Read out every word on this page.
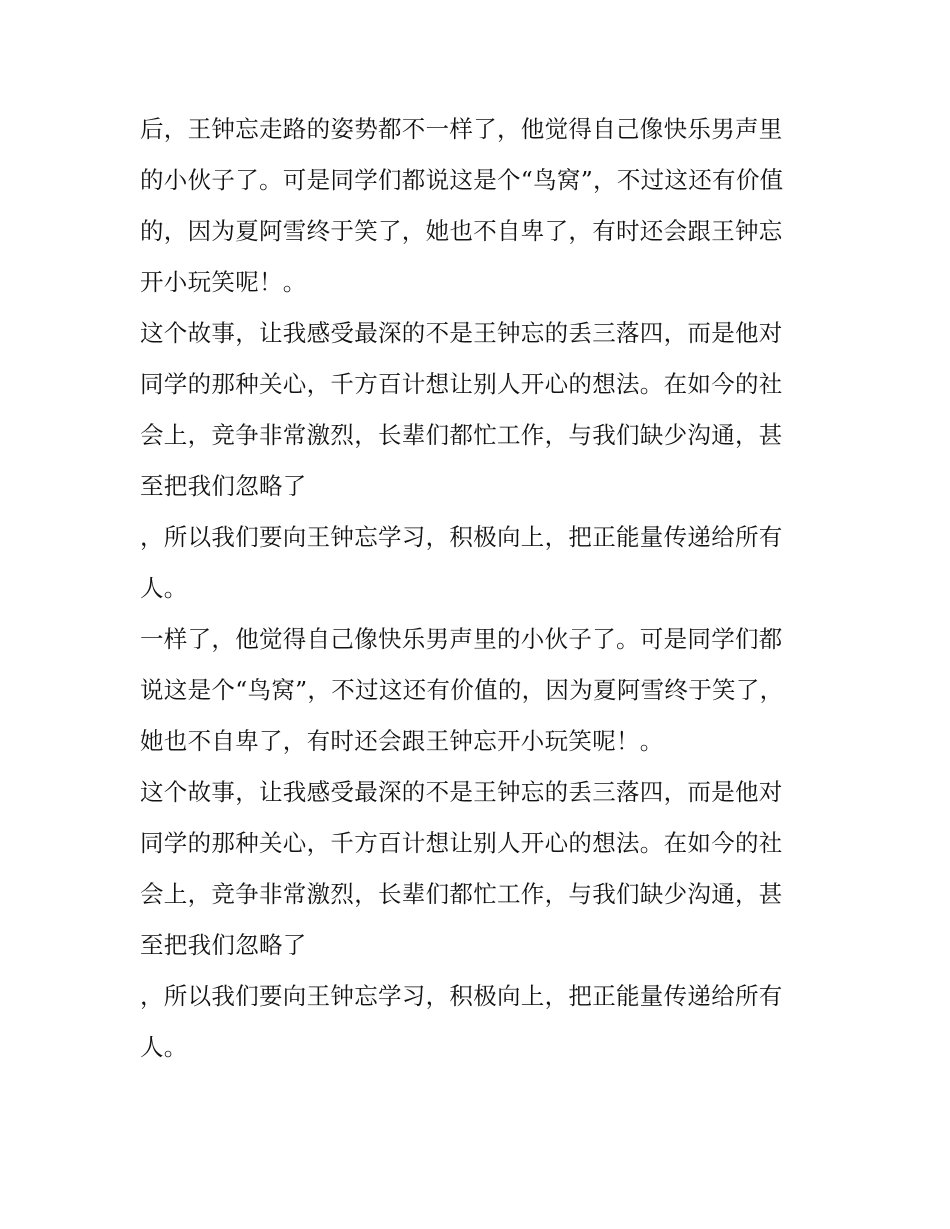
后，王钟忘走路的姿势都不一样了，他觉得自己像快乐男声里
的小伙子了。可是同学们都说这是个“鸟窝”，不过这还有价值
的，因为夏阿雪终于笑了，她也不自卑了，有时还会跟王钟忘
开小玩笑呢！。
这个故事，让我感受最深的不是王钟忘的丢三落四，而是他对
同学的那种关心，千方百计想让别人开心的想法。在如今的社
会上，竞争非常激烈，长辈们都忙工作，与我们缺少沟通，甚
至把我们忽略了
，所以我们要向王钟忘学习，积极向上，把正能量传递给所有
人。
一样了，他觉得自己像快乐男声里的小伙子了。可是同学们都
说这是个“鸟窝”，不过这还有价值的，因为夏阿雪终于笑了，
她也不自卑了，有时还会跟王钟忘开小玩笑呢！。
这个故事，让我感受最深的不是王钟忘的丢三落四，而是他对
同学的那种关心，千方百计想让别人开心的想法。在如今的社
会上，竞争非常激烈，长辈们都忙工作，与我们缺少沟通，甚
至把我们忽略了
，所以我们要向王钟忘学习，积极向上，把正能量传递给所有
人。
